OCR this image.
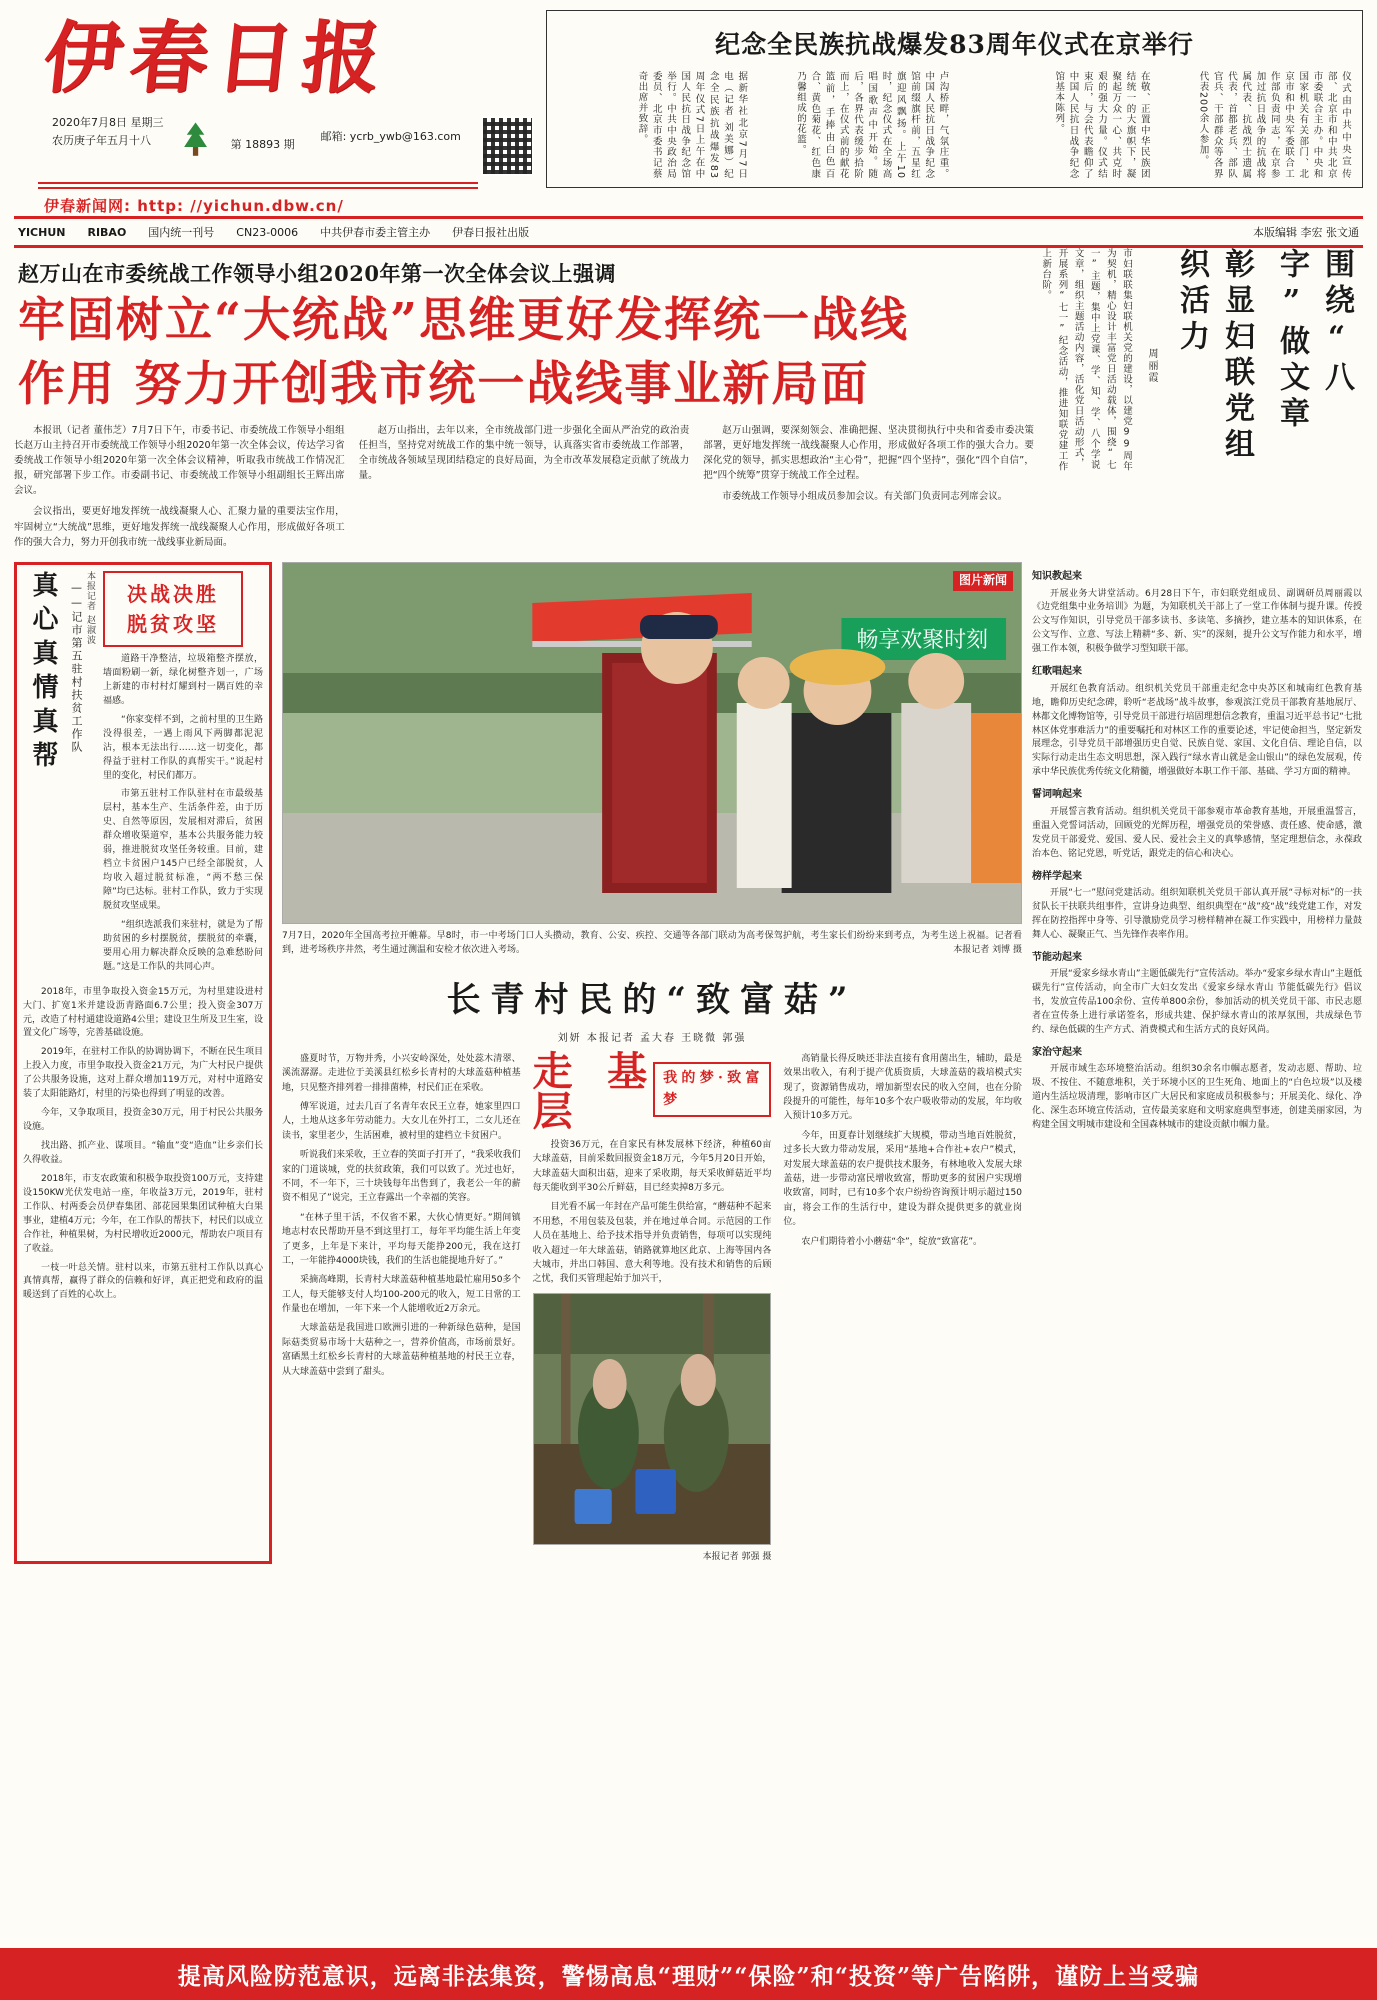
伊春日报
2020年7月8日 星期三
农历庚子年五月十八	第 18893 期
邮箱: ycrb_ywb@163.com
伊春新闻网: http: //yichun.dbw.cn/
纪念全民族抗战爆发83周年仪式在京举行
据新华社北京7月7日电（记者 刘美娜）纪念全民族抗战爆发83周年仪式7日上午在中国人民抗日战争纪念馆举行。中共中央政治局委员、北京市委书记蔡奇出席并致辞。	卢沟桥畔，气氛庄重。中国人民抗日战争纪念馆前缀旗杆前，五星红旗迎风飘扬。上午10时，纪念仪式在全场高唱国歌声中开始。随后，各界代表缓步拾阶而上，在仪式前的献花篮前，手捧由白色百合、黄色菊花、红色康乃馨组成的花篮。	在敬、正置中华民族团结统一的大旗帜下，凝聚起万众一心、共克时艰的强大力量。仪式结束后，与会代表瞻仰了中国人民抗日战争纪念馆基本陈列。	仪式由中共中央宣传部、北京市和中共北京市委联合主办。中央和国家机关有关部门、北京市和中央军委联合工作部负责同志，在京参加过抗日战争的抗战将属代表、抗战烈士遗属代表，首都老兵、部队官兵、干部群众等各界代表200余人参加。
YICHUN RIBAO 国内统一刊号 CN23-0006 中共伊春市委主管主办 伊春日报社出版	本版编辑 李宏 张文通
赵万山在市委统战工作领导小组2020年第一次全体会议上强调
牢固树立“大统战”思维更好发挥统一战线
作用 努力开创我市统一战线事业新局面

本报讯（记者 董伟芝）7月7日下午，市委书记、市委统战工作领导小组组长赵万山主持召开市委统战工作领导小组2020年第一次全体会议，传达学习省委统战工作领导小组2020年第一次全体会议精神，听取我市统战工作情况汇报，研究部署下步工作。市委副书记、市委统战工作领导小组副组长王辉出席会议。

会议指出，要更好地发挥统一战线凝聚人心、汇聚力量的重要法宝作用，牢固树立“大统战”思维，更好地发挥统一战线凝聚人心作用，形成做好各项工作的强大合力，努力开创我市统一战线事业新局面。

赵万山指出，去年以来，全市统战部门进一步强化全面从严治党的政治责任担当，坚持党对统战工作的集中统一领导，认真落实省市委统战工作部署，全市统战各领域呈现团结稳定的良好局面，为全市改革发展稳定贡献了统战力量。

赵万山强调，要深刻领会、准确把握、坚决贯彻执行中央和省委市委决策部署，更好地发挥统一战线凝聚人心作用，形成做好各项工作的强大合力。要深化党的领导，抓实思想政治“主心骨”，把握“四个坚持”，强化“四个自信”，把“四个统筹”贯穿于统战工作全过程。

市委统战工作领导小组成员参加会议。有关部门负责同志列席会议。

市妇联联集妇联机关党的建设，以建党99周年为契机，精心设计丰富党日活动载体，围绕“七一”主题，集中上党课、学、知、学、八个学说文章，组织主题活动内容，活化党日活动形式，开展系列“七一”纪念活动，推进知联党建工作上新台阶。
周丽霞	彰显妇联党组织活力	围绕“八字”做文章
真心真情真帮	——记市第五驻村扶贫工作队 本报记者 赵淑波	决战决胜
脱贫攻坚

道路干净整洁，垃圾箱整齐摆放，墙面粉刷一新，绿化树整齐划一，广场上新建的市村村灯耀到村一隅百姓的幸福感。

“你家变样不到，之前村里的卫生路没得很差，一遇上雨风下两脚都泥泥沾，根本无法出行……这一切变化，都得益于驻村工作队的真帮实干。”说起村里的变化，村民们都万。

市第五驻村工作队驻村在市最级基层村，基本生产、生活条件差，由于历史、自然等原因，发展相对滞后，贫困群众增收渠道窄，基本公共服务能力较弱，推进脱贫攻坚任务较重。目前，建档立卡贫困户145户已经全部脱贫，人均收入超过脱贫标准，“两不愁三保障”均已达标。驻村工作队，致力于实现脱贫攻坚成果。

“组织选派我们来驻村，就是为了帮助贫困的乡村摆脱贫，摆脱贫的牵囊，要用心用力解决群众反映的急难愁盼问题。”这是工作队的共同心声。

2018年，市里争取投入资金15万元，为村里建设进村大门、扩宽1米并建设沥青路面6.7公里；投入资金307万元，改造了村村通建设道路4公里；建设卫生所及卫生室，设置文化广场等，完善基础设施。

2019年，在驻村工作队的协调协调下，不断在民生项目上投入力度，市里争取投入资金21万元，为广大村民户提供了公共服务设施，这对上群众增加119万元，对村中道路安装了太阳能路灯，村里的污染也得到了明显的改善。

今年，又争取项目，投资金30万元，用于村民公共服务设施。

找出路、抓产业、谋项目。“输血”变“造血”让乡亲们长久得收益。

2018年，市支农政策和积极争取投资100万元，支持建设150KW光伏发电站一座，年收益3万元，2019年，驻村工作队、村两委会员伊春集团、部花园果集团试种植大白果事业，建植4万元；今年，在工作队的帮扶下，村民们以成立合作社，种植果树，为村民增收近2000元，帮助农户项目有了收益。

一枝一叶总关情。驻村以来，市第五驻村工作队以真心真情真帮，赢得了群众的信赖和好评，真正把党和政府的温暖送到了百姓的心坎上。

畅享欢聚时刻
图片新闻
7月7日，2020年全国高考拉开帷幕。早8时，市一中考场门口人头攒动，教育、公安、疾控、交通等各部门联动为高考保驾护航，考生家长们纷纷来到考点，为考生送上祝福。记者看到，进考场秩序井然，考生通过测温和安检才依次进入考场。	本报记者 刘博 摄
长青村民的“致富菇”
刘妍 本报记者 孟大春 王晓微 郭强

盛夏时节，万物并秀，小兴安岭深处，处处蕊木清翠、溪流潺潺。走进位于美溪县红松乡长青村的大球盖菇种植基地，只见整齐排列着一排排菌棒，村民们正在采收。

傅军说道，过去几百了名青年农民王立春，她家里四口人，土地从这多年劳动能力。大女儿在外打工，二女儿还在读书，家里老少，生活困难，被村里的建档立卡贫困户。

听说我们来采收，王立春的笑面子打开了，“我采收我们家的门道谈城，党的扶贫政策，我们可以致了。光过也好，不同，不一年下，三十块钱每年出售到了，我老公一年的薪资不相见了”说完，王立春露出一个幸福的笑容。

“在林子里干活，不仅省不累，大伙心情更好。”期间镇地志村农民帮助开垦不到这里打工，每年平均能生活上年变了更多，上年是下来计，平均每天能挣200元，我在这打工，一年能挣4000块钱，我们的生活也能提地升好了。”

采摘高峰期，长青村大球盖菇种植基地最忙雇用50多个工人，每天能够支付人均100-200元的收入，短工日常的工作量也在增加，一年下来一个人能增收近2万余元。

大球盖菇是我国进口欧洲引进的一种新绿色菇种，是国际菇类贸易市场十大菇种之一，营养价值高，市场前景好。富硒黑土红松乡长青村的大球盖菇种植基地的村民王立春，从大球盖菇中尝到了甜头。

走基层
我的梦·致富梦

投资36万元，在自家民有林发展林下经济，种植60亩大球盖菇，目前采数回报资金18万元，今年5月20日开始，大球盖菇大面积出菇，迎来了采收期，每天采收鲜菇近平均每天能收到平30公斤鲜菇，目已经卖掉8万多元。

目光看不属一年封在产品可能生供给富，“蘑菇种不起来不用愁，不用包装及包装，并在地过单合同。示范园的工作人员在基地上、给予技术指导并负责销售，每项可以实现纯收入超过一年大球盖菇，销路就算地区此京、上海等国内各大城市，并出口韩国、意大利等地。没有技术和销售的后顾之忧，我们买管理起始于加兴干，

本报记者 郭强 摄

高销量长得反映还非法直接有食用菌出生，辅助，最是效果出收入，有利于提产优质资质，大球盖菇的栽培模式实现了，资源销售成功，增加新型农民的收入空间，也在分阶段提升的可能性，每年10多个农户吸收带动的发展，年均收入预计10多万元。

今年，田夏春计划继续扩大规模，带动当地百姓脱贫，过多长大致力带动发展，采用“基地+合作社+农户”模式，对发展大球盖菇的农户提供技术服务，有林地收入发展大球盖菇，进一步带动富民增收致富，帮助更多的贫困户实现增收致富，同时，已有10多个农户纷纷咨询预计明示超过150亩，将会工作的生活行中，建设为群众提供更多的就业岗位。

农户们期待着小小蘑菇“伞”，绽放“致富花”。

知识教起来

开展业务大讲堂活动。6月28日下午，市妇联党组成员、副调研员周丽霞以《边党组集中业务培训》为题，为知联机关干部上了一堂工作体制与提升课。传授公文写作知识，引导党员干部多读书、多读笔、多摘抄，建立基本的知识体系，在公文写作、立意、写法上精耕“多、新、实”的深刻，提升公文写作能力和水平，增强工作本领，积极争做学习型知联干部。

红歌唱起来

开展红色教育活动。组织机关党员干部重走纪念中央苏区和城南红色教育基地，瞻仰历史纪念碑，聆听“老战场”战斗故事，参观滨江党员干部教育基地展厅、林都文化博物馆等，引导党员干部进行培固理想信念教育，重温习近平总书记“七批林区体党事难活力”的重要嘱托和对林区工作的重要论述，牢记使命担当，坚定新发展理念，引导党员干部增强历史自觉、民族自觉、家国、文化自信、理论自信，以实际行动走出生态文明思想，深入践行“绿水青山就是金山银山”的绿色发展观，传承中华民族优秀传统文化精髓，增强做好本职工作干部、基础、学习方面的精神。

誓词响起来

开展誓言教育活动。组织机关党员干部参观市革命教育基地，开展重温誓言，重温入党誓词活动，回顾党的光辉历程，增强党员的荣誉感、责任感、使命感，激发党员干部爱党、爱国、爱人民、爱社会主义的真挚感情，坚定理想信念，永葆政治本色、铭记党恩，听党话，跟党走的信心和决心。

榜样学起来

开展“七一”慰问党建活动。组织知联机关党员干部认真开展“寻标对标”的一扶贫队长干扶联共组事件，宣讲身边典型、组织典型在“战”疫“战”线党建工作，对发挥在防控指挥中身等、引导激励党员学习榜样精神在凝工作实践中，用榜样力量鼓舞人心、凝聚正气、当先锋作表率作用。

节能动起来

开展“爱家乡绿水青山”主题低碳先行”宣传活动。举办“爱家乡绿水青山”主题低碳先行”宣传活动，向全市广大妇女发出《爱家乡绿水青山 节能低碳先行》倡议书，发放宣传品100余份、宣传单800余份，参加活动的机关党员干部、市民志愿者在宣传条上进行承诺签名，形成共建、保护绿水青山的浓厚氛围，共成绿色节约、绿色低碳的生产方式、消费模式和生活方式的良好风尚。

家治守起来

开展市域生态环境整治活动。组织30余名巾帼志愿者，发动志愿、帮助、垃圾、不按住、不随意堆积，关于环境小区的卫生死角、地面上的“白色垃圾”以及楼道内生活垃圾清理，影响市区广大居民和家庭成员积极参与；开展美化、绿化、净化、深生态环境宣传活动，宣传最美家庭和文明家庭典型事迹，创建美丽家园，为构建全国文明城市建设和全国森林城市的建设贡献巾帼力量。

提高风险防范意识，远离非法集资，警惕高息“理财”“保险”和“投资”等广告陷阱，谨防上当受骗
